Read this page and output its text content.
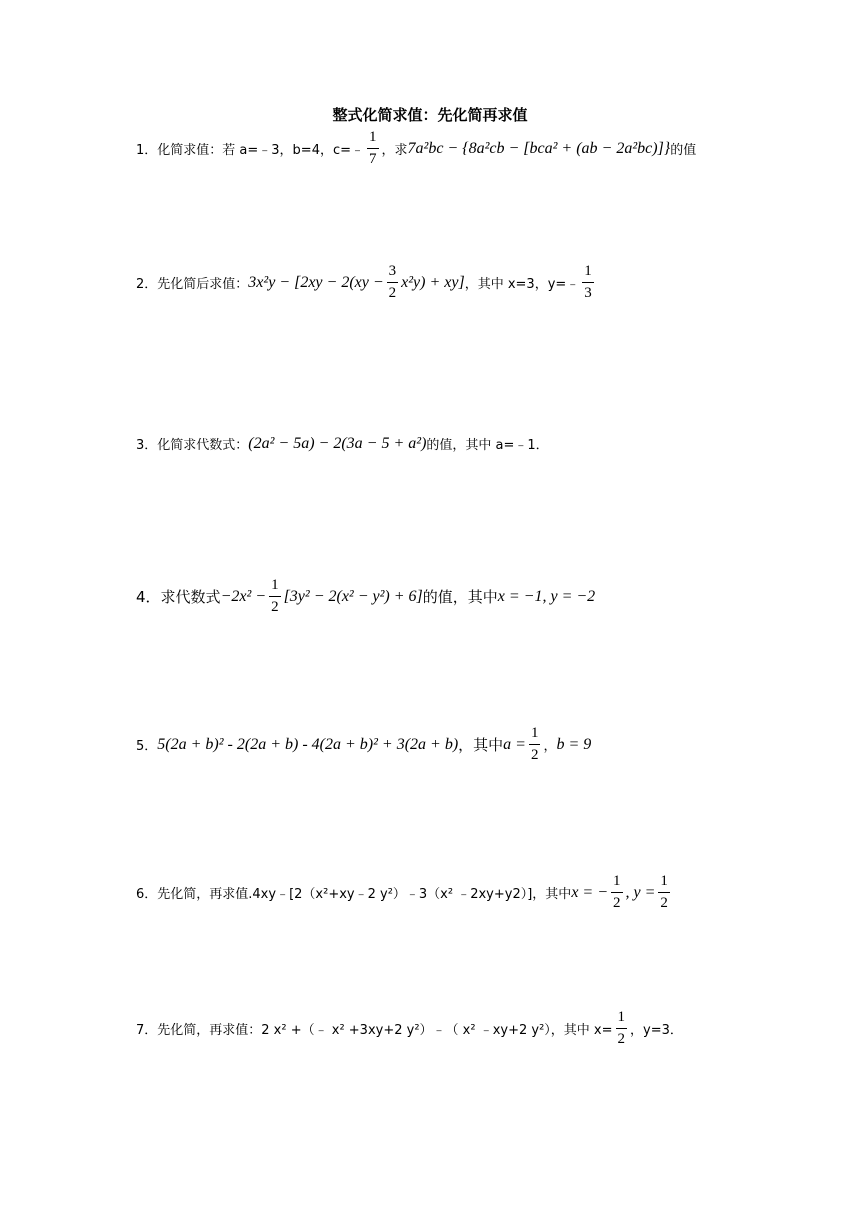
整式化简求值：先化简再求值
1． 化简求值：若 a=﹣3，b=4，c=﹣ $\frac{1}{7}$ ，求 7a²bc − {8a²cb − [bca² + (ab − 2a²bc)]} 的值
2． 先化简后求值： $3x^2y - [2xy - 2(xy - \frac{3}{2} x^2y) + xy]$ ，其中 x=3，y=﹣ $\frac{1}{3}$
3． 化简求代数式： (2a² − 5a) − 2(3a − 5 + a²) 的值，其中 a=﹣1．
4． 求代数式 $-2x^2 - \frac{1}{2} [3y^2 - 2(x^2 - y^2) + 6]$ 的值，其中 x = −1, y = −2
5． 5(2a + b)² - 2(2a + b) - 4(2a + b)² + 3(2a + b) ，其中 $a = \frac{1}{2}$ ， b = 9
6． 先化简，再求值.4xy﹣[2（x²+xy﹣2 y²）﹣3（x² ﹣2xy+y2）]，其中 x = − $\frac{1}{2}$ , $y = \frac{1}{2}$
7． 先化简，再求值：2 x² +（﹣ x² +3xy+2 y²）﹣（ x² ﹣xy+2 y²），其中 $x= \frac{1}{2}$ ，y=3．
